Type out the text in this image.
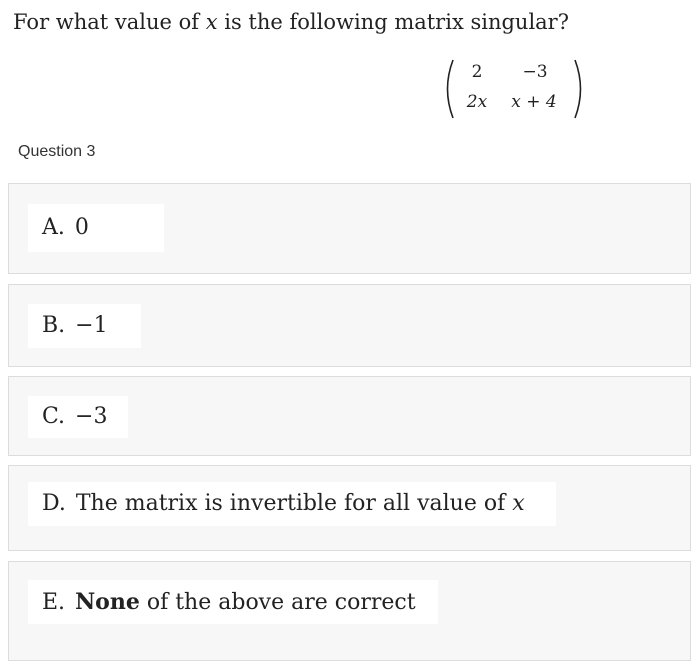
For what value of x is the following matrix singular?
2	−3
2x	x + 4
Question 3
A. 0
B. −1
C. −3
D. The matrix is invertible for all value of x
E. None of the above are correct
